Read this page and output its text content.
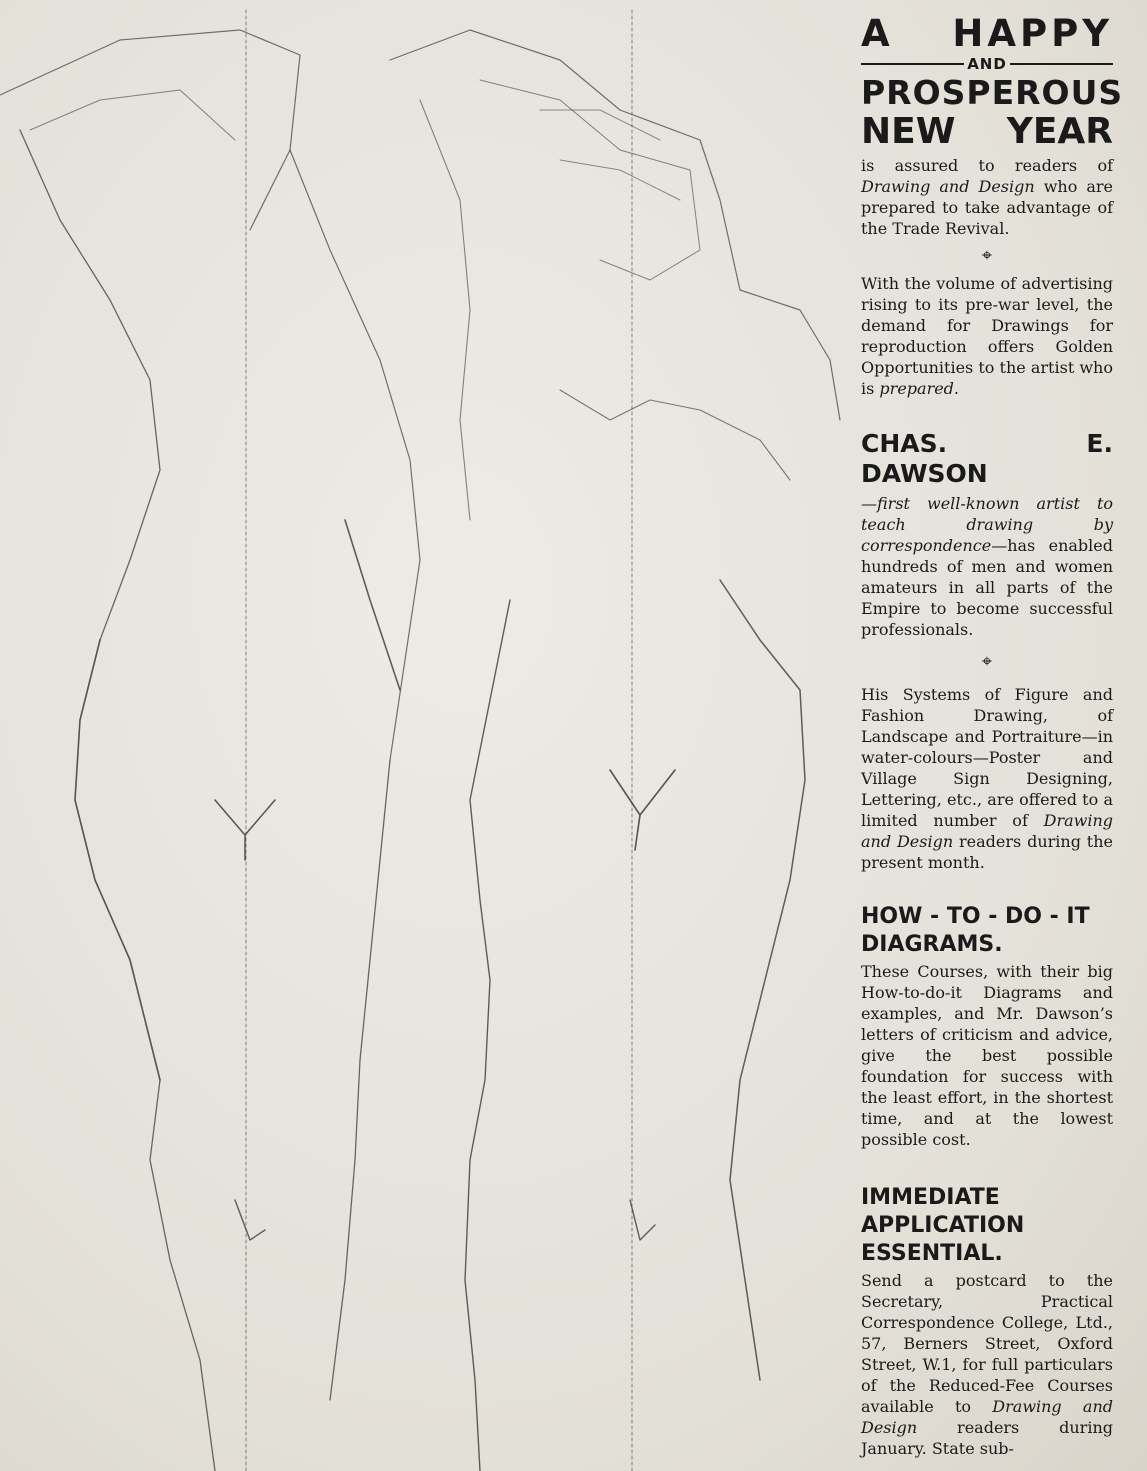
A HAPPY

AND

PROSPEROUS

NEW YEAR

is assured to readers of Drawing and Design who are prepared to take advantage of the Trade Revival.

⌖

With the volume of advertising rising to its pre-war level, the demand for Drawings for reproduction offers Golden Opportunities to the artist who is prepared.

CHAS. E. DAWSON

—first well-known artist to teach drawing by correspondence—has enabled hundreds of men and women amateurs in all parts of the Empire to become successful professionals.

⌖

His Systems of Figure and Fashion Drawing, of Landscape and Portraiture—in water-colours—Poster and Village Sign Designing, Lettering, etc., are offered to a limited number of Drawing and Design readers during the present month.

HOW - TO - DO - IT

DIAGRAMS.

These Courses, with their big How-to-do-it Diagrams and examples, and Mr. Dawson’s letters of criticism and advice, give the best possible foundation for success with the least effort, in the shortest time, and at the lowest possible cost.

IMMEDIATE

APPLICATION

ESSENTIAL.

Send a postcard to the Secretary, Practical Correspondence College, Ltd., 57, Berners Street, Oxford Street, W.1, for full particulars of the Reduced-Fee Courses available to Drawing and Design readers during January. State sub-
